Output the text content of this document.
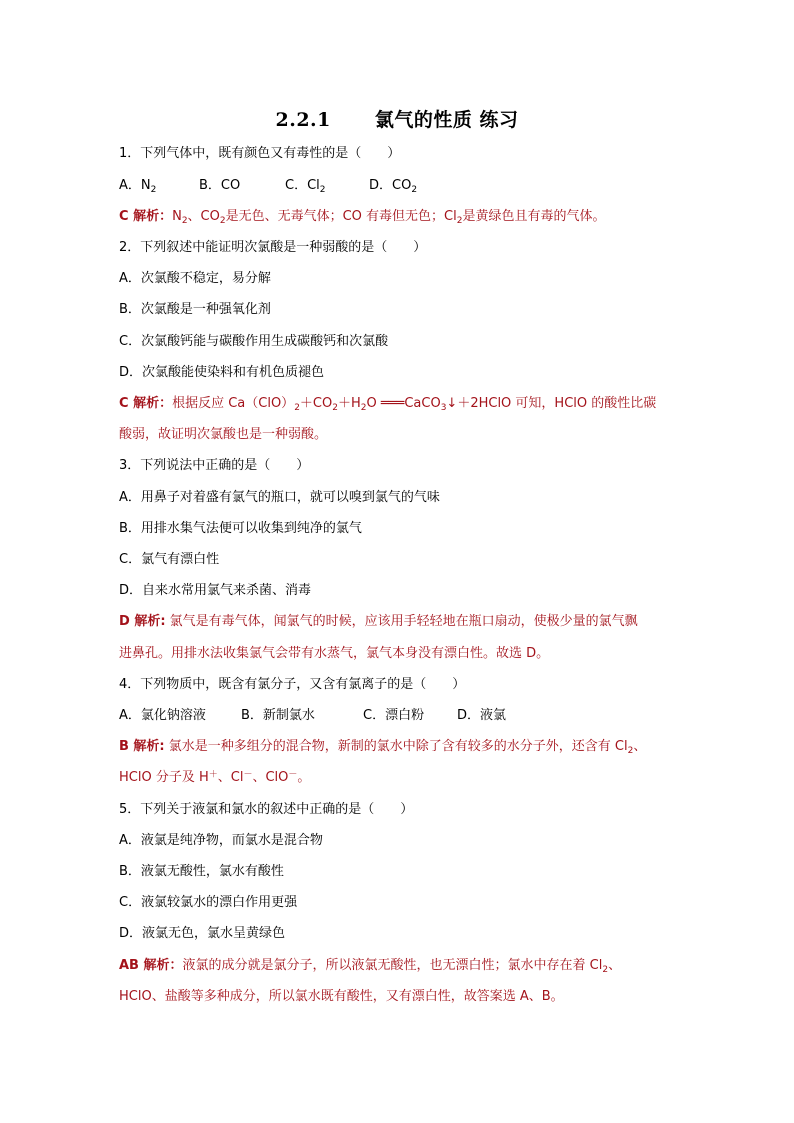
2.2.1 氯气的性质 练习
1．下列气体中，既有颜色又有毒性的是（　　）
A．$N_2$	B．CO	C．$Cl_2$	D．$CO_2$
C 解析：$N_2$、$CO_2$是无色、无毒气体；CO 有毒但无色；$Cl_2$是黄绿色且有毒的气体。
2．下列叙述中能证明次氯酸是一种弱酸的是（　　）
A．次氯酸不稳定，易分解
B．次氯酸是一种强氧化剂
C．次氯酸钙能与碳酸作用生成碳酸钙和次氯酸
D．次氯酸能使染料和有机色质褪色
C 解析：根据反应 $Ca(ClO)_2+CO_2+H_2O$ ═══CaCO$_3$↓＋2HClO 可知，HClO 的酸性比碳
酸弱，故证明次氯酸也是一种弱酸。
3．下列说法中正确的是（　　）
A．用鼻子对着盛有氯气的瓶口，就可以嗅到氯气的气味
B．用排水集气法便可以收集到纯净的氯气
C．氯气有漂白性
D．自来水常用氯气来杀菌、消毒
D 解析: 氯气是有毒气体，闻氯气的时候，应该用手轻轻地在瓶口扇动，使极少量的氯气飘
进鼻孔。用排水法收集氯气会带有水蒸气，氯气本身没有漂白性。故选 D。
4．下列物质中，既含有氯分子，又含有氯离子的是（　　）
A．氯化钠溶液	B．新制氯水	C．漂白粉	D．液氯
B 解析: 氯水是一种多组分的混合物，新制的氯水中除了含有较多的水分子外，还含有 $Cl_2$、
HClO 分子及 H＋、Cl－、ClO－。
5．下列关于液氯和氯水的叙述中正确的是（　　）
A．液氯是纯净物，而氯水是混合物
B．液氯无酸性，氯水有酸性
C．液氯较氯水的漂白作用更强
D．液氯无色，氯水呈黄绿色
AB 解析：液氯的成分就是氯分子，所以液氯无酸性，也无漂白性；氯水中存在着 $Cl_2$、
HClO、盐酸等多种成分，所以氯水既有酸性，又有漂白性，故答案选 A、B。
